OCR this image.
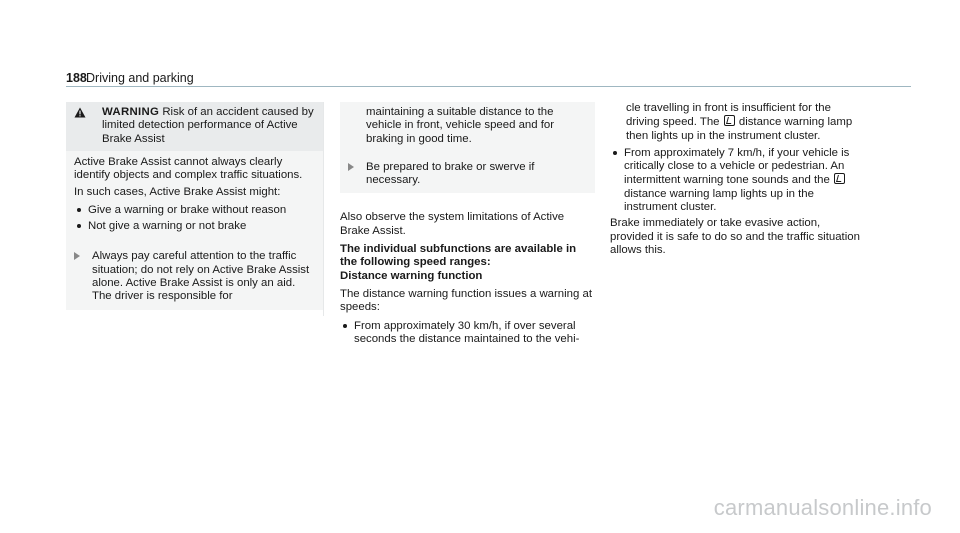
188 Driving and parking
WARNING Risk of an accident caused by limited detection performance of Active Brake Assist

Active Brake Assist cannot always clearly identify objects and complex traffic situations.

In such cases, Active Brake Assist might:

Give a warning or brake without reason
Not give a warning or not brake
Always pay careful attention to the traffic situation; do not rely on Active Brake Assist alone. Active Brake Assist is only an aid. The driver is responsible for
maintaining a suitable distance to the vehicle in front, vehicle speed and for braking in good time.
Be prepared to brake or swerve if necessary.

Also observe the system limitations of Active Brake Assist.

The individual subfunctions are available in the following speed ranges:

Distance warning function

The distance warning function issues a warning at speeds:

From approximately 30 km/h, if over several seconds the distance maintained to the vehi-

cle travelling in front is insufficient for the driving speed. The distance warning lamp then lights up in the instrument cluster.

From approximately 7 km/h, if your vehicle is critically close to a vehicle or pedestrian. An intermittent warning tone sounds and the  distance warning lamp lights up in the instrument cluster.

Brake immediately or take evasive action, provided it is safe to do so and the traffic situation allows this.

carmanualsonline.info
